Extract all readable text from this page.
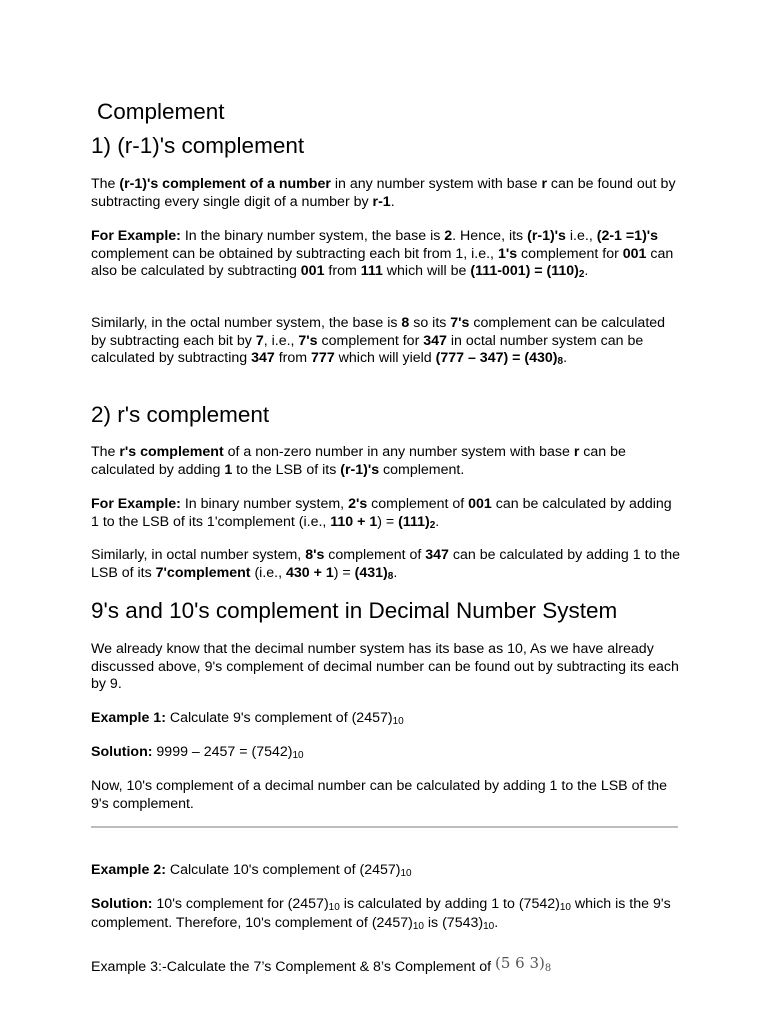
Complement
1) (r-1)'s complement
The (r-1)'s complement of a number in any number system with base r can be found out by subtracting every single digit of a number by r-1.
For Example: In the binary number system, the base is 2. Hence, its (r-1)'s i.e., (2-1 =1)'s complement can be obtained by subtracting each bit from 1, i.e., 1's complement for 001 can also be calculated by subtracting 001 from 111 which will be (111-001) = (110)2.
Similarly, in the octal number system, the base is 8 so its 7's complement can be calculated by subtracting each bit by 7, i.e., 7's complement for 347 in octal number system can be calculated by subtracting 347 from 777 which will yield (777 – 347) = (430)8.
2) r's complement
The r's complement of a non-zero number in any number system with base r can be calculated by adding 1 to the LSB of its (r-1)'s complement.
For Example: In binary number system, 2's complement of 001 can be calculated by adding 1 to the LSB of its 1'complement (i.e., 110 + 1) = (111)2.
Similarly, in octal number system, 8's complement of 347 can be calculated by adding 1 to the LSB of its 7'complement (i.e., 430 + 1) = (431)8.
9's and 10's complement in Decimal Number System
We already know that the decimal number system has its base as 10, As we have already discussed above, 9's complement of decimal number can be found out by subtracting its each by 9.
Example 1: Calculate 9's complement of (2457)10
Solution: 9999 – 2457 = (7542)10
Now, 10's complement of a decimal number can be calculated by adding 1 to the LSB of the 9's complement.
Example 2: Calculate 10's complement of (2457)10
Solution: 10's complement for (2457)10 is calculated by adding 1 to (7542)10 which is the 9's complement. Therefore, 10's complement of (2457)10 is (7543)10.
Example 3:-Calculate the 7’s Complement & 8’s Complement of (5 6 $3)_8$
